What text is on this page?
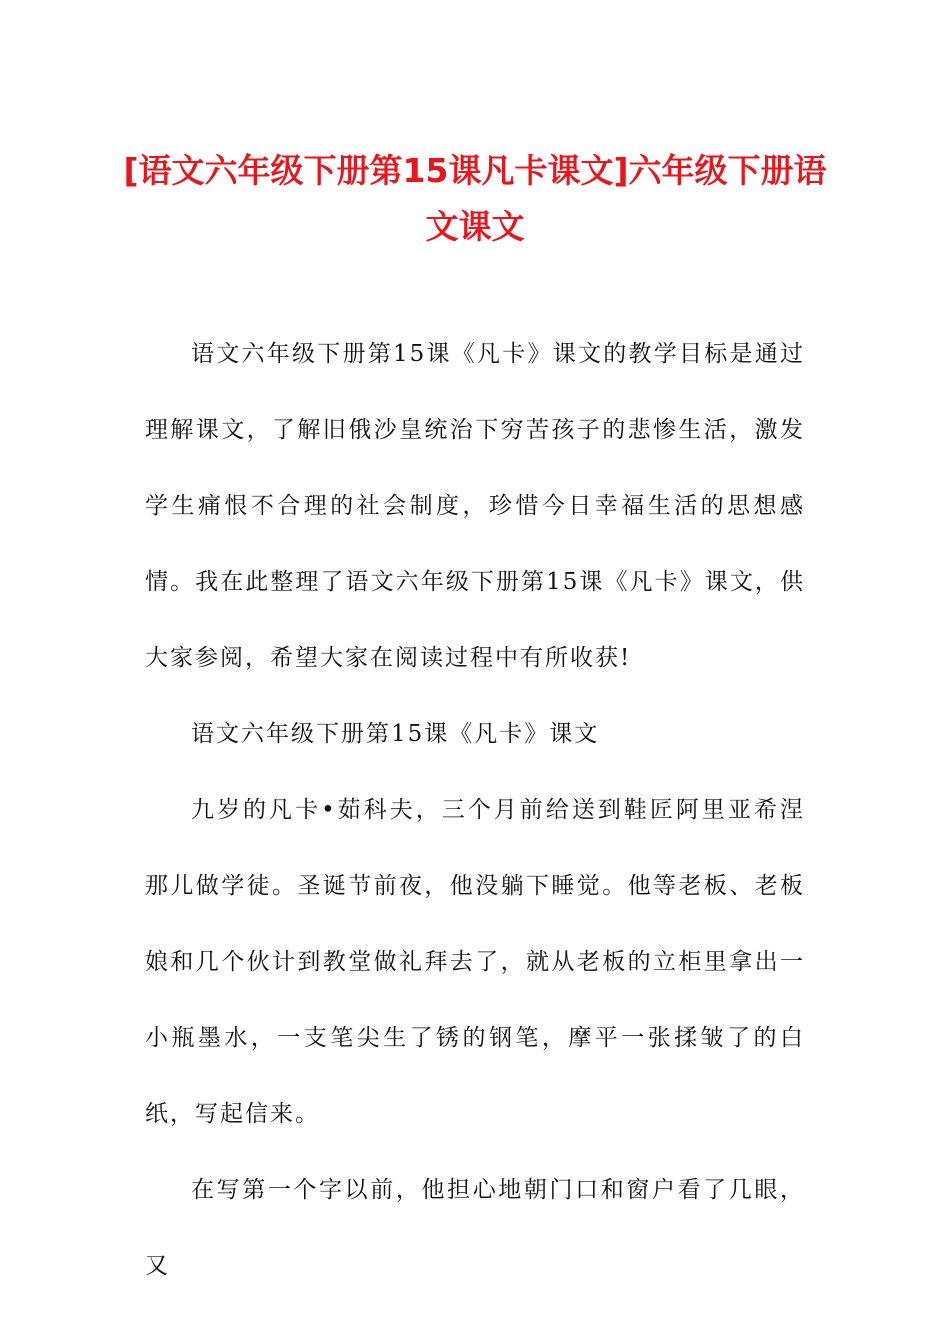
[语文六年级下册第15课凡卡课文]六年级下册语文课文

语文六年级下册第15课《凡卡》课文的教学目标是通过理解课文，了解旧俄沙皇统治下穷苦孩子的悲惨生活，激发学生痛恨不合理的社会制度，珍惜今日幸福生活的思想感情。我在此整理了语文六年级下册第15课《凡卡》课文，供大家参阅，希望大家在阅读过程中有所收获!

语文六年级下册第15课《凡卡》课文

九岁的凡卡•茹科夫，三个月前给送到鞋匠阿里亚希涅那儿做学徒。圣诞节前夜，他没躺下睡觉。他等老板、老板娘和几个伙计到教堂做礼拜去了，就从老板的立柜里拿出一小瓶墨水，一支笔尖生了锈的钢笔，摩平一张揉皱了的白纸，写起信来。

在写第一个字以前，他担心地朝门口和窗户看了几眼，又
